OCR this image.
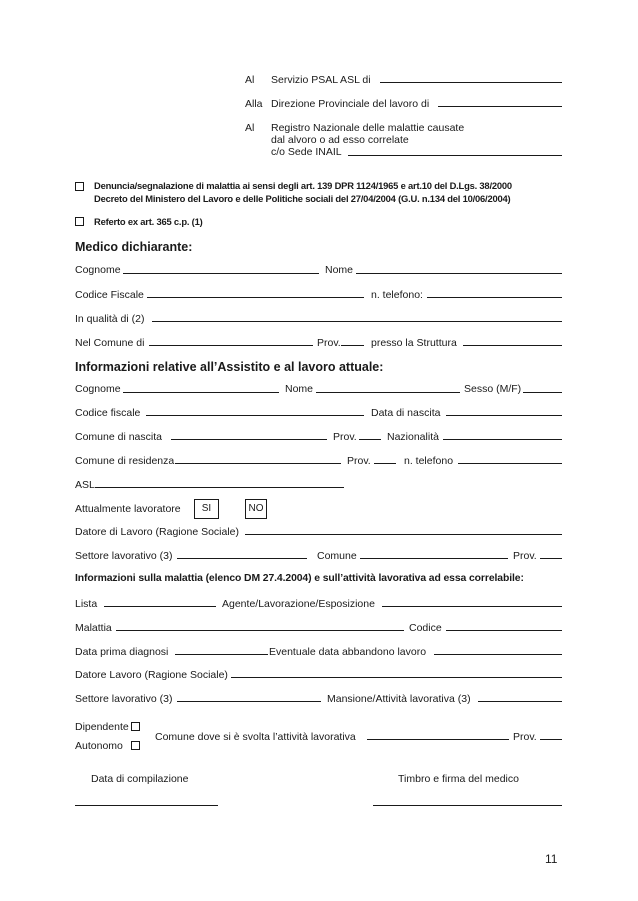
Al Servizio PSAL ASL di
Alla Direzione Provinciale del lavoro di
Al Registro Nazionale delle malattie causate
dal alvoro o ad esso correlate
c/o Sede INAIL
Denuncia/segnalazione di malattia ai sensi degli art. 139 DPR 1124/1965 e art.10 del D.Lgs. 38/2000
Decreto del Ministero del Lavoro e delle Politiche sociali del 27/04/2004 (G.U. n.134 del 10/06/2004)
Referto ex art. 365 c.p. (1)
Medico dichiarante:
Cognome	Nome
Codice Fiscale	n. telefono:
In qualità di (2)
Nel Comune di	Prov.	presso la Struttura
Informazioni relative all’Assistito e al lavoro attuale:
Cognome	Nome	Sesso (M/F)
Codice fiscale	Data di nascita
Comune di nascita	Prov.	Nazionalità
Comune di residenza	Prov.	n. telefono
ASL
Attualmente lavoratore	SI	NO
Datore di Lavoro (Ragione Sociale)
Settore lavorativo (3)	Comune	Prov.
Informazioni sulla malattia (elenco DM 27.4.2004) e sull’attività lavorativa ad essa correlabile:
Lista	Agente/Lavorazione/Esposizione
Malattia	Codice
Data prima diagnosi	Eventuale data abbandono lavoro
Datore Lavoro (Ragione Sociale)
Settore lavorativo (3)	Mansione/Attività lavorativa (3)
Dipendente
Autonomo
Comune dove si è svolta l’attività lavorativa	Prov.
Data di compilazione	Timbro e firma del medico
11
